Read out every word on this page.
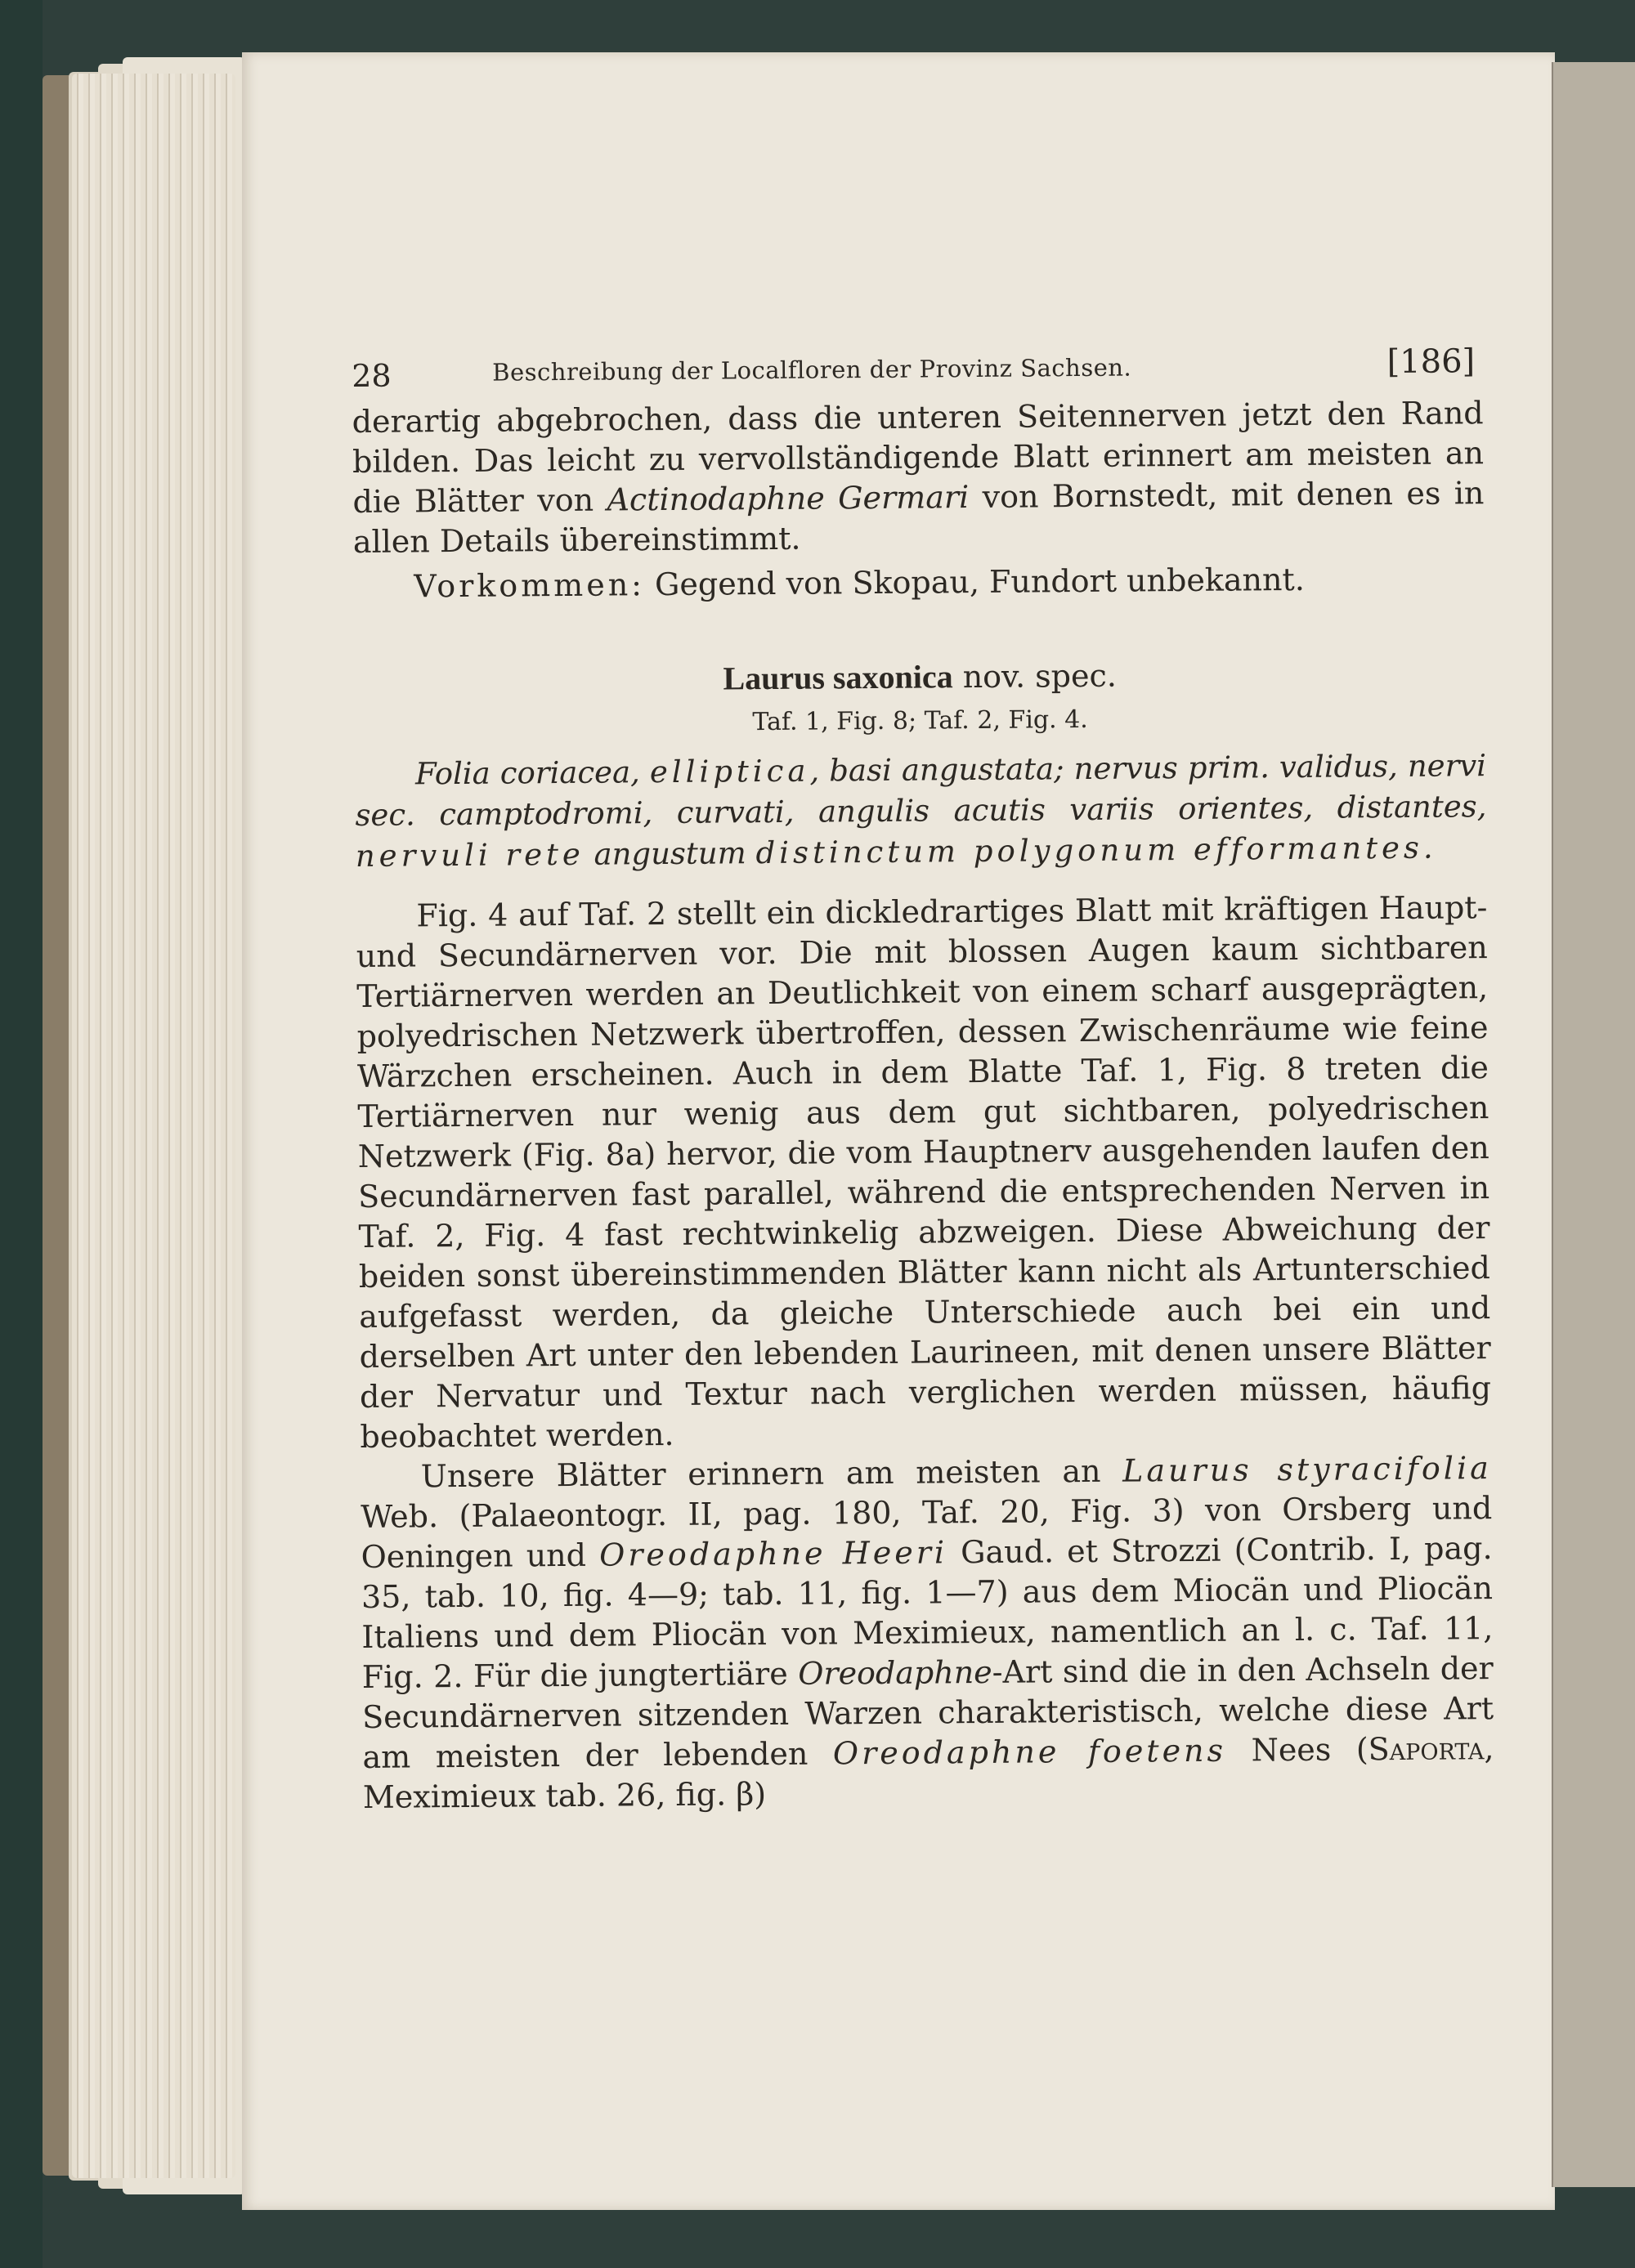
28	Beschreibung der Localfloren der Provinz Sachsen.	[186]

derartig abgebrochen, dass die unteren Seitennerven jetzt den Rand bilden. Das leicht zu vervollständigende Blatt erinnert am meisten an die Blätter von Actinodaphne Germari von Bornstedt, mit denen es in allen Details übereinstimmt.

Vorkommen: Gegend von Skopau, Fundort unbekannt.

Laurus saxonica nov. spec.
Taf. 1, Fig. 8; Taf. 2, Fig. 4.

Folia coriacea, elliptica, basi angustata; nervus prim. validus, nervi sec. camptodromi, curvati, angulis acutis variis orientes, distantes, nervuli rete angustum distinctum polygonum efformantes.

Fig. 4 auf Taf. 2 stellt ein dickledrartiges Blatt mit kräftigen Haupt- und Secundärnerven vor. Die mit blossen Augen kaum sichtbaren Tertiärnerven werden an Deutlichkeit von einem scharf ausgeprägten, polyedrischen Netzwerk übertroffen, dessen Zwischenräume wie feine Wärzchen erscheinen. Auch in dem Blatte Taf. 1, Fig. 8 treten die Tertiärnerven nur wenig aus dem gut sichtbaren, polyedrischen Netzwerk (Fig. 8a) hervor, die vom Hauptnerv ausgehenden laufen den Secundärnerven fast parallel, während die entsprechenden Nerven in Taf. 2, Fig. 4 fast rechtwinkelig abzweigen. Diese Abweichung der beiden sonst übereinstimmenden Blätter kann nicht als Artunterschied aufgefasst werden, da gleiche Unterschiede auch bei ein und derselben Art unter den lebenden Laurineen, mit denen unsere Blätter der Nervatur und Textur nach verglichen werden müssen, häufig beobachtet werden.

Unsere Blätter erinnern am meisten an Laurus styracifolia Web. (Palaeontogr. II, pag. 180, Taf. 20, Fig. 3) von Orsberg und Oeningen und Oreodaphne Heeri Gaud. et Strozzi (Contrib. I, pag. 35, tab. 10, fig. 4—9; tab. 11, fig. 1—7) aus dem Miocän und Pliocän Italiens und dem Pliocän von Meximieux, namentlich an l. c. Taf. 11, Fig. 2. Für die jungtertiäre Oreodaphne-Art sind die in den Achseln der Secundärnerven sitzenden Warzen charakteristisch, welche diese Art am meisten der lebenden Oreodaphne foetens Nees (Saporta, Meximieux tab. 26, fig. β)
